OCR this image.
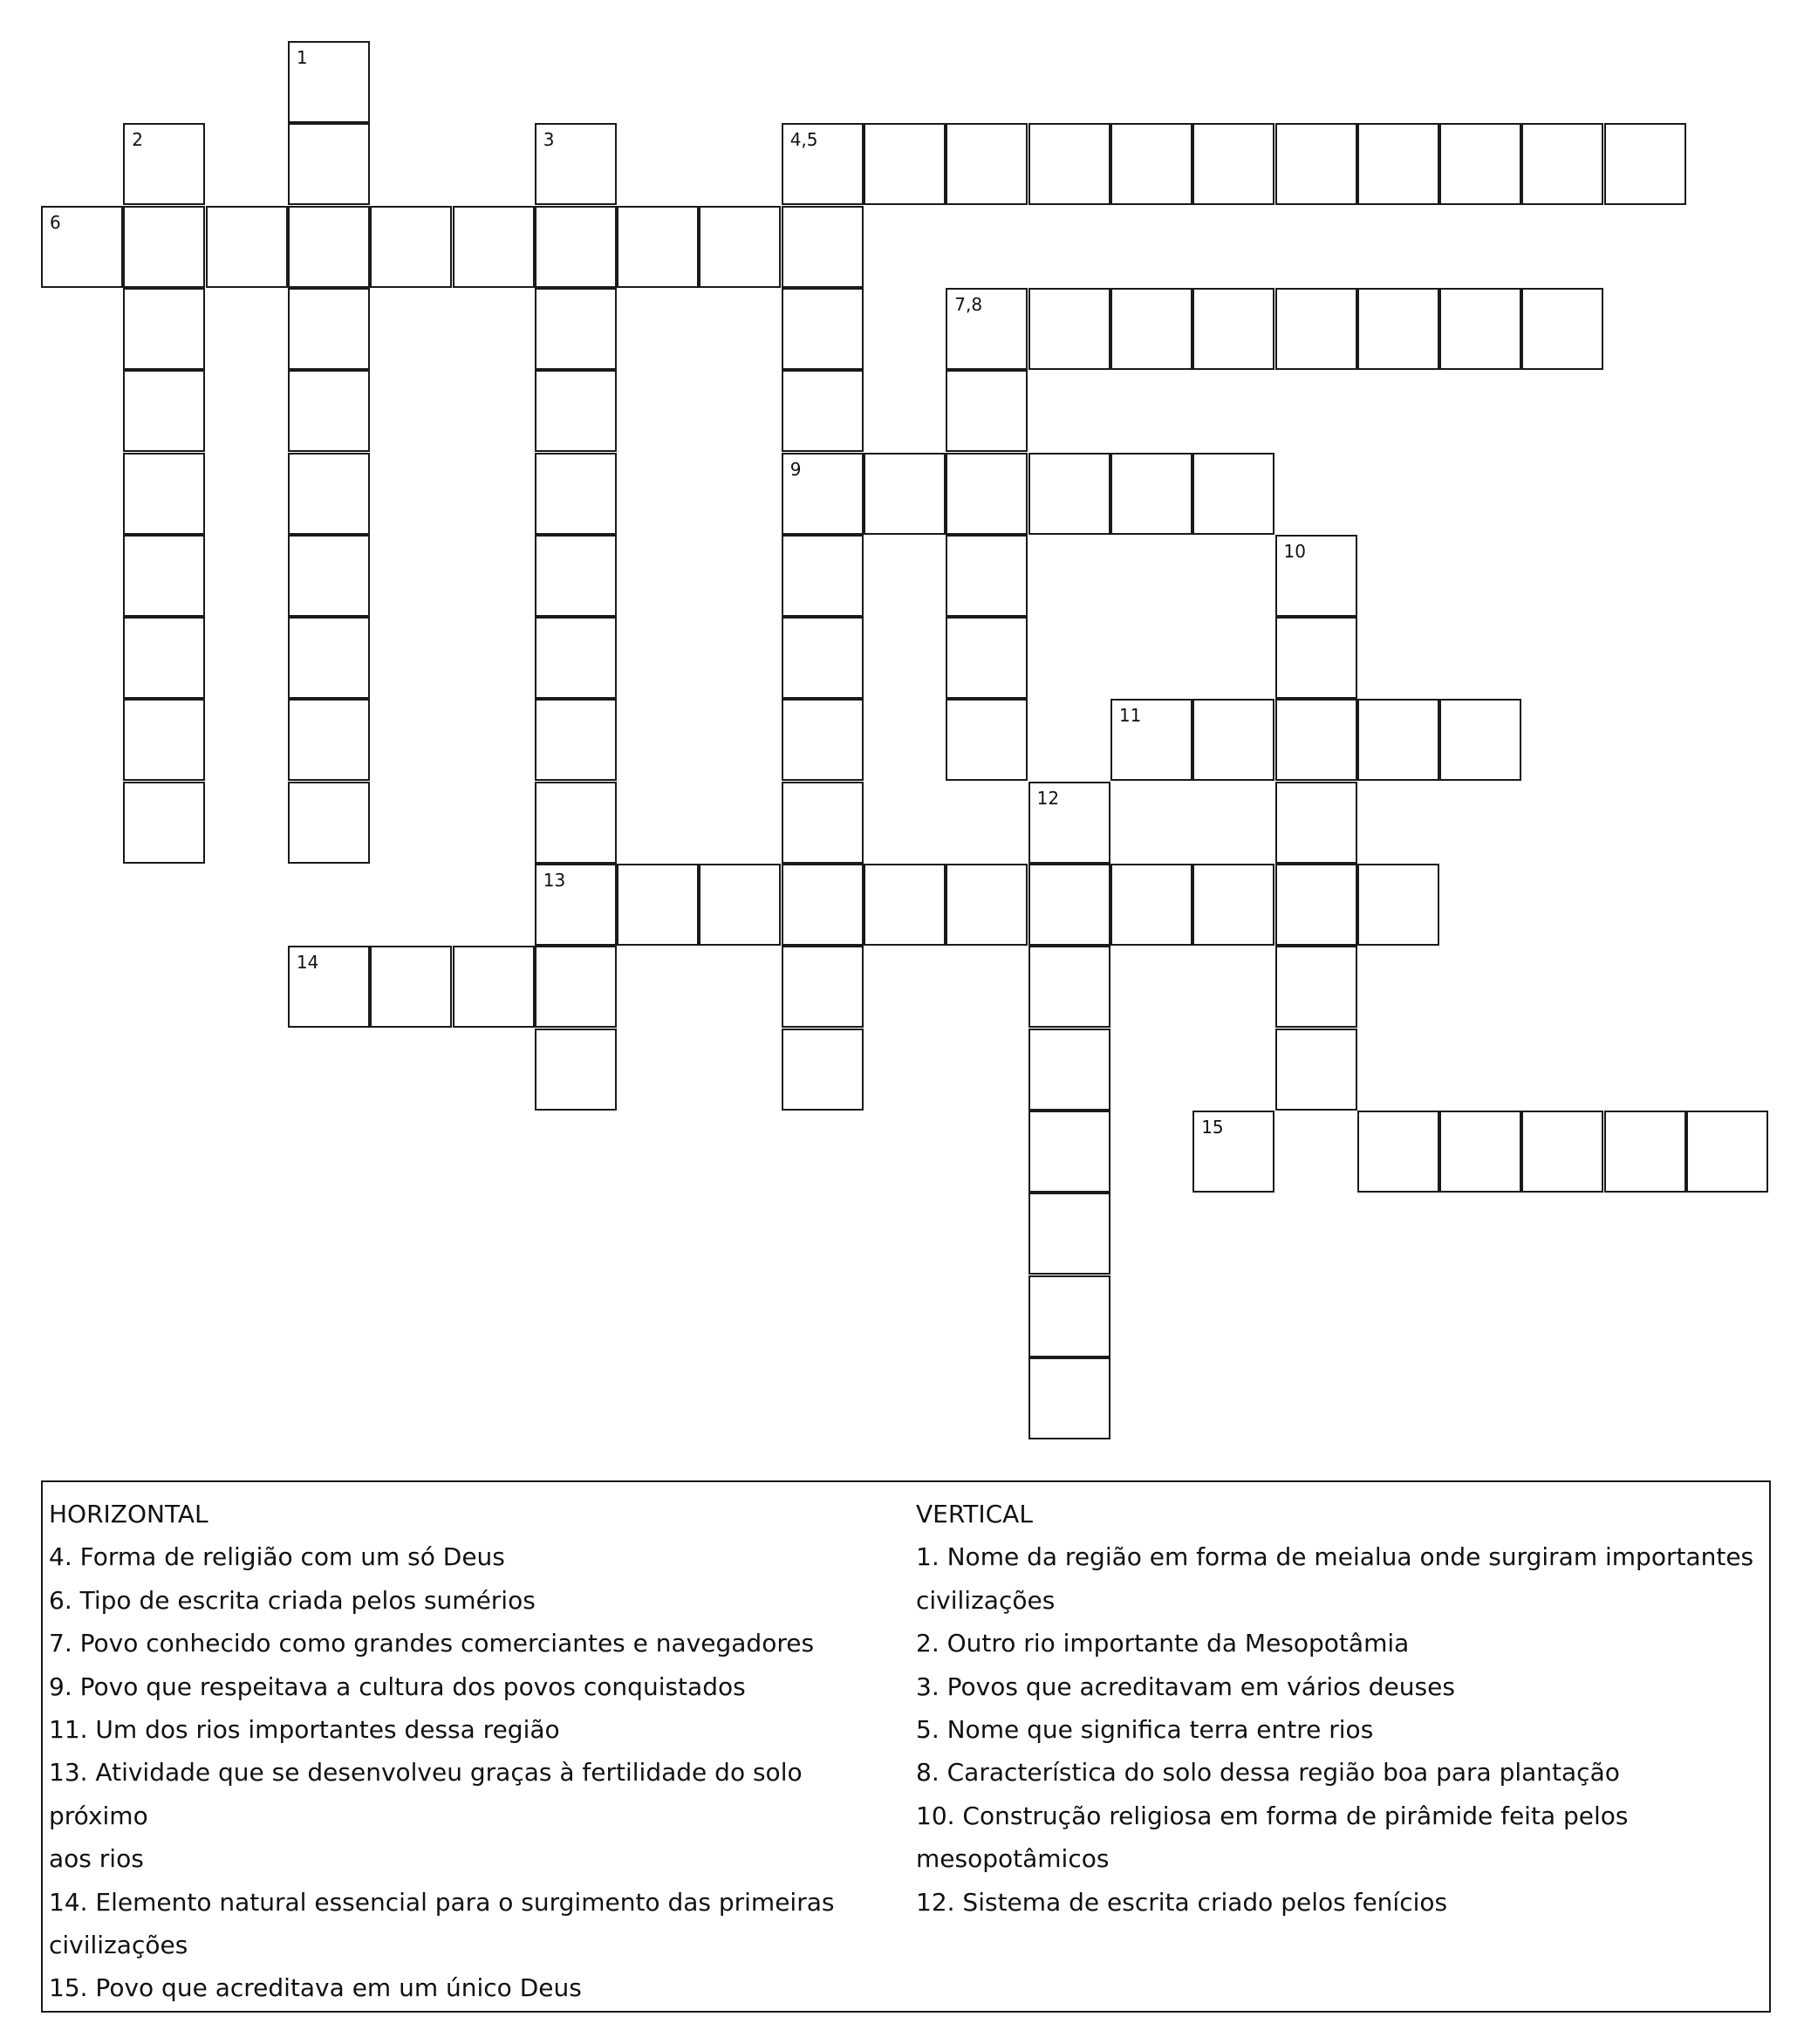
1
2	3
13
4,5
6
9
7,8
10
11
12
14
15

HORIZONTAL

4. Forma de religião com um só Deus
6. Tipo de escrita criada pelos sumérios
7. Povo conhecido como grandes comerciantes e navegadores
9. Povo que respeitava a cultura dos povos conquistados
11. Um dos rios importantes dessa região
13. Atividade que se desenvolveu graças à fertilidade do solo próximo
aos rios
14. Elemento natural essencial para o surgimento das primeiras
civilizações
15. Povo que acreditava em um único Deus

VERTICAL

1. Nome da região em forma de meialua onde surgiram importantes
civilizações
2. Outro rio importante da Mesopotâmia
3. Povos que acreditavam em vários deuses
5. Nome que significa terra entre rios
8. Característica do solo dessa região boa para plantação
10. Construção religiosa em forma de pirâmide feita pelos
mesopotâmicos
12. Sistema de escrita criado pelos fenícios
